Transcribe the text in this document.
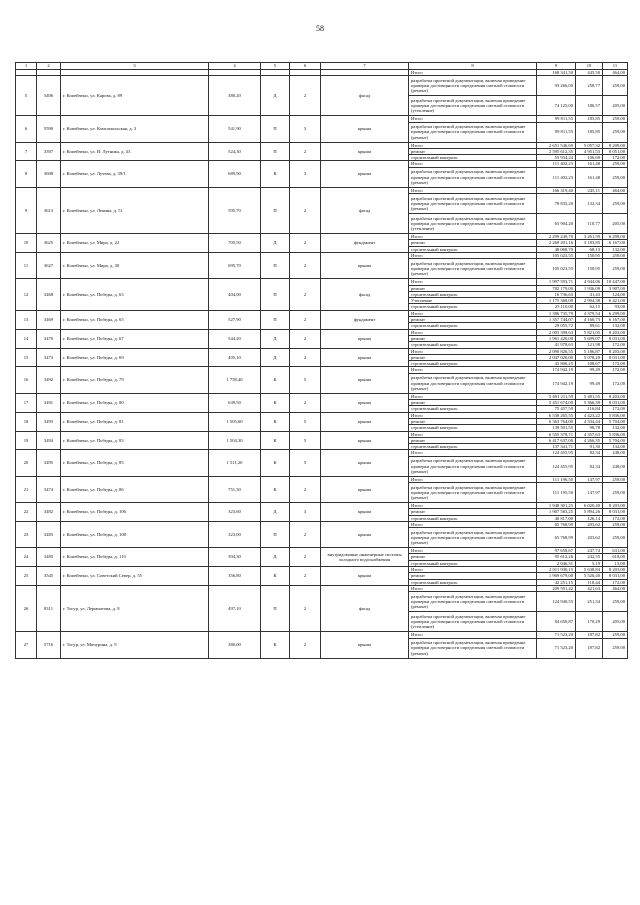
58
1	2	3	4	5	6	7	8	9	10	11
							Итого	168 341,50	445,50	464,00
5	5406	г. Копейчено, ул. Карова, д. 89	380,20	Д	2	фасад	разработка проектной документации, включая проведение проверки достоверности определения сметной стоимости (ремонт)	93 266,00	258,77	259,00
							разработка проектной документации, включая проведение проверки достоверности определения сметной стоимости (утепление)	74 125,00	186,57	205,00
6	5590	г. Копейчено, ул. Комсомольская, д. 3	541,90	П	3	крыша	Итого	99 811,55	185,85	259,00
							разработка проектной документации, включая проведение проверки достоверности определения сметной стоимости (ремонт)	99 811,55	185,85	259,00
7	3397	г. Копейчено, ул. И. Лутника, д. 33	524,30	П	2	крыша	Итого	2 651 546,69	5 057,32	8 209,00
							ремонт	2 595 612,35	4 951,53	8 051,00
							строительный контроль	55 934,24	106,69	172,00
8	3608	г. Копейчено, ул. Лучева, д. 39/1	689,90	К	3	крыша	Итого	111 402,23	161,48	259,00
							разработка проектной документации, включая проведение проверки достоверности определения сметной стоимости (ремонт)	111 402,23	161,48	259,00
9	3613	г. Копейчено, ул. Ленина, д. 51	595,70	П	2	фасад	Итого	166 319,40	245,11	464,00
							разработка проектной документации, включая проведение проверки достоверности определения сметной стоимости (ремонт)	78 835,20	132,34	259,00
							разработка проектной документации, включая проведение проверки достоверности определения сметной стоимости (утепление)	65 904,20	110,77	205,00
10	3625	г. Копейчено, ул. Мира, д. 22	705,50	Д	2	фундамент	Итого	2 299 249,70	3 261,59	6 299,00
							ремонт	2 260 201,16	3 183,85	6 167,00
							строительный контроль	48 068,70	68,13	132,00
11	3627	г. Копейчено, ул. Мира, д. 30	695,70	П	2	крыша	Итого	105 023,55	150,95	259,00
							разработка проектной документации, включая проведение проверки достоверности определения сметной стоимости (ремонт)	105 023,55	150,95	259,00
12	3468	г. Копейчено, ул. Победы, д. 63	404,00	П	2	фасад	Итого	1 997 593,71	4 944,06	10 447,00
							ремонт	782 179,00	1 936,09	3 907,00
							строительный контроль	16 736,63	41,43	124,00
							Утепление	1 175 368,00	2 904,38	6 421,00
							строительный контроль	25 110,00	62,15	93,00
13	3469	г. Копейчено, ул. Победы, д. 65	527,90	П	2	фундамент	Итого	1 386 735,79	4 379,54	6 299,00
							ремонт	1 357 744,07	4 160,73	6 167,00
							строительный контроль	29 055,72	89,61	132,00
14	3470	г. Копейчено, ул. Победы, д. 67	544,20	Д	2	крыша	Итого	2 003 398,63	5 821,05	8 203,00
							ремонт	1 961 420,00	5 699,07	8 031,00
							строительный контроль	41 978,63	121,98	172,00
15	3473	г. Копейчено, ул. Победы, д. 69	405,10	Д	2	крыша	Итого	2 090 826,55	5 186,87	8 203,00
							ремонт	2 047 020,00	5 078,20	8 031,00
							строительный контроль	43 806,25	108,67	172,00
16	3492	г. Копейчено, ул. Победы, д. 79	1 758,40	К	5	крыша	Итого	174 942,19	99,49	172,00
							разработка проектной документации, включая проведение проверки достоверности определения сметной стоимости (ремонт)	174 942,19	99,49	172,00
17	3491	г. Копейчено, ул. Победы, д. 80	639,50	К	2	крыша	Итого	5 691 211,59	5 481,55	8 203,00
							ремонт	5 451 674,00	5 366,39	8 031,00
							строительный контроль	75 457,59	116,84	172,00
18	3493	г. Копейчено, ул. Победы, д. 81	1 505,60	К	5	крыша	Итого	6 538 265,55	4 423,22	5 836,00
							ремонт	6 363 764,00	4 334,44	5 704,00
							строительный контроль	139 501,55	98,78	132,00
19	3494	г. Копейчено, ул. Победы, д. 83	1 504,30	К	5	крыша	Итого	6 555 378,71	4 357,63	5 836,00
							ремонт	6 417 637,00	4 266,35	5 704,00
							строительный контроль	137 341,71	91,30	132,00
20	3495	г. Копейчено, ул. Победы, д. 85	1 511,20	К	5	крыша	Итого	124 455,95	82,34	248,00
							разработка проектной документации, включая проведение проверки достоверности определения сметной стоимости (ремонт)	124 455,95	82,34	248,00
21	3474	г. Копейчено, ул. Победы, д. 86	751,50	К	2	крыша	Итого	111 196,50	147,97	259,00
							разработка проектной документации, включая проведение проверки достоверности определения сметной стоимости (ремонт)	111 195,50	147,97	259,00
22	3482	г. Копейчено, ул. Победы, д. 106	323,60	Д	3	крыша	Итого	1 948 301,25	6 020,40	8 203,00
							ремонт	1 907 583,25	5 894,26	8 031,00
							строительный контроль	40 817,00	126,14	172,00
23	3483	г. Копейчено, ул. Победы, д. 108	323,00	П	2	крыша	Итого	65 768,99	203,62	259,00
							разработка проектной документации, включая проведение проверки достоверности определения сметной стоимости (ремонт)	65 768,99	203,62	259,00
24	3485	г. Копейчено, ул. Победы, д. 110	394,30	Д	2	внутридомовые инженерные системы холодного водоснабжения	Итого	97 658,67	247,74	631,00
							ремонт	95 612,26	242,55	618,00
							строительный контроль	2 046,31	5,19	13,00
25	3545	г. Копейчено, ул. Советский Север, д. 55	356,80	К	2	крыша	Итого	2 011 930,15	5 638,84	8 203,00
							ремонт	1 969 679,00	5 520,40	8 031,00
							строительный контроль	42 251,15	118,44	172,00
26	8311	г. Тогур, ул. Лермонтова, д. 8	497,10	П	2	фасад	Итого	209 591,42	421,63	464,00
							разработка проектной документации, включая проведение проверки достоверности определения сметной стоимости (ремонт)	124 940,55	251,34	259,00
							разработка проектной документации, включая проведение проверки достоверности определения сметной стоимости (утепление)	84 650,87	170,29	205,00
27	5716	г. Тогур, ул. Мичурина, д. 9	380,00	К	2	крыша	Итого	71 523,20	187,82	259,00
							разработка проектной документации, включая проведение проверки достоверности определения сметной стоимости (ремонт)	71 523,20	187,82	259,00
